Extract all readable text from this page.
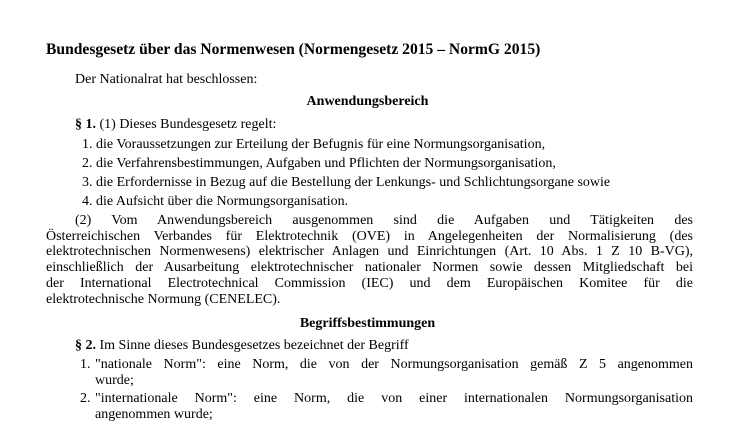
Bundesgesetz über das Normenwesen (Normengesetz 2015 – NormG 2015)
Der Nationalrat hat beschlossen:
Anwendungsbereich
§ 1. (1) Dieses Bundesgesetz regelt:
1. die Voraussetzungen zur Erteilung der Befugnis für eine Normungsorganisation,
2. die Verfahrensbestimmungen, Aufgaben und Pflichten der Normungsorganisation,
3. die Erfordernisse in Bezug auf die Bestellung der Lenkungs- und Schlichtungsorgane sowie
4. die Aufsicht über die Normungsorganisation.
(2) Vom Anwendungsbereich ausgenommen sind die Aufgaben und Tätigkeiten des
Österreichischen Verbandes für Elektrotechnik (OVE) in Angelegenheiten der Normalisierung (des
elektrotechnischen Normenwesens) elektrischer Anlagen und Einrichtungen (Art. 10 Abs. 1 Z 10 B-VG),
einschließlich der Ausarbeitung elektrotechnischer nationaler Normen sowie dessen Mitgliedschaft bei
der International Electrotechnical Commission (IEC) und dem Europäischen Komitee für die
elektrotechnische Normung (CENELEC).
Begriffsbestimmungen
§ 2. Im Sinne dieses Bundesgesetzes bezeichnet der Begriff
1. "nationale Norm": eine Norm, die von der Normungsorganisation gemäß Z 5 angenommen
wurde;
2. "internationale Norm": eine Norm, die von einer internationalen Normungsorganisation
angenommen wurde;
